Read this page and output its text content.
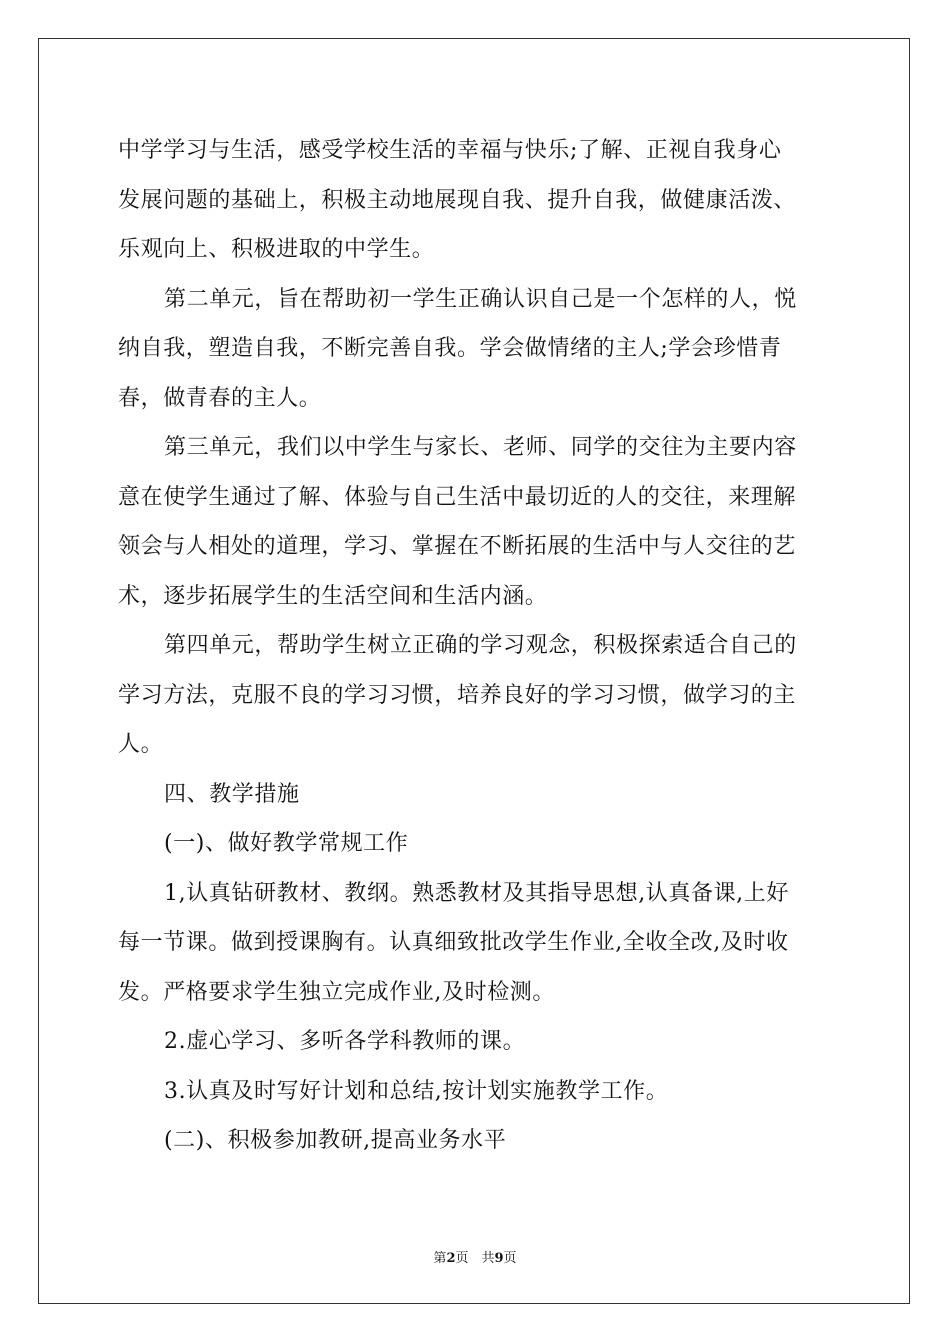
中学学习与生活，感受学校生活的幸福与快乐;了解、正视自我身心
发展问题的基础上，积极主动地展现自我、提升自我，做健康活泼、
乐观向上、积极进取的中学生。
第二单元，旨在帮助初一学生正确认识自己是一个怎样的人，悦
纳自我，塑造自我，不断完善自我。学会做情绪的主人;学会珍惜青
春，做青春的主人。
第三单元，我们以中学生与家长、老师、同学的交往为主要内容
意在使学生通过了解、体验与自己生活中最切近的人的交往，来理解
领会与人相处的道理，学习、掌握在不断拓展的生活中与人交往的艺
术，逐步拓展学生的生活空间和生活内涵。
第四单元，帮助学生树立正确的学习观念，积极探索适合自己的
学习方法，克服不良的学习习惯，培养良好的学习习惯，做学习的主
人。
四、教学措施
(一)、做好教学常规工作
1,认真钻研教材、教纲。熟悉教材及其指导思想,认真备课,上好
每一节课。做到授课胸有。认真细致批改学生作业,全收全改,及时收
发。严格要求学生独立完成作业,及时检测。
2.虚心学习、多听各学科教师的课。
3.认真及时写好计划和总结,按计划实施教学工作。
(二)、积极参加教研,提高业务水平
第2页　共9页
